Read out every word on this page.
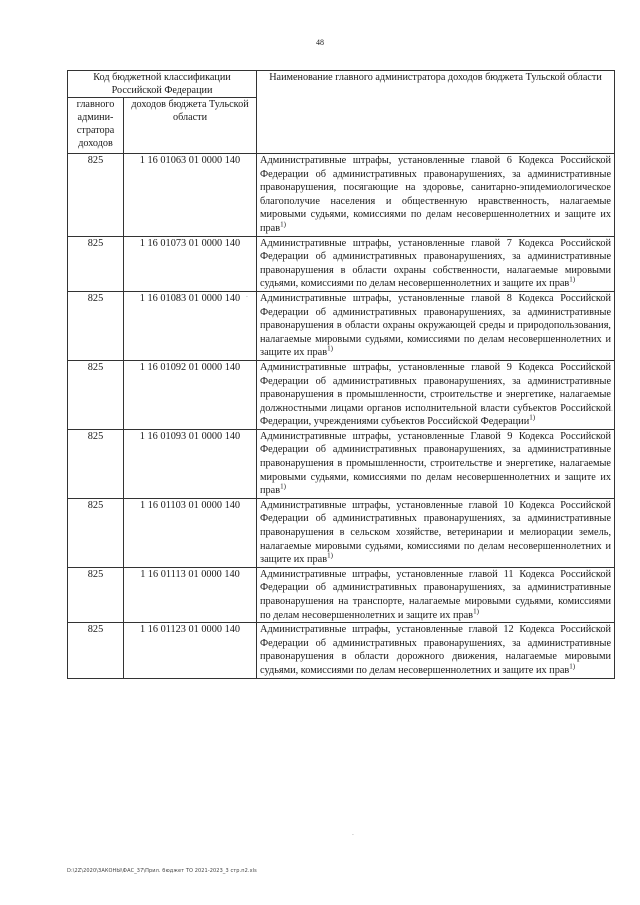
48
Код бюджетной классификации Российской Федерации		Наименование главного администратора доходов бюджета Тульской области
главного админи-стратора доходов	доходов бюджета Тульской области	
825	1 16 01063 01 0000 140	Административные штрафы, установленные главой 6 Кодекса Российской Федерации об административных правонарушениях, за административные правонарушения, посягающие на здоровье, санитарно-эпидемиологическое благополучие населения и общественную нравственность, налагаемые мировыми судьями, комиссиями по делам несовершеннолетних и защите их прав$^{1)}$
825	1 16 01073 01 0000 140	Административные штрафы, установленные главой 7 Кодекса Российской Федерации об административных правонарушениях, за административные правонарушения в области охраны собственности, налагаемые мировыми судьями, комиссиями по делам несовершеннолетних и защите их прав$^{1)}$
825	1 16 01083 01 0000 140	Административные штрафы, установленные главой 8 Кодекса Российской Федерации об административных правонарушениях, за административные правонарушения в области охраны окружающей среды и природопользования, налагаемые мировыми судьями, комиссиями по делам несовершеннолетних и защите их прав$^{1)}$
825	1 16 01092 01 0000 140	Административные штрафы, установленные главой 9 Кодекса Российской Федерации об административных правонарушениях, за административные правонарушения в промышленности, строительстве и энергетике, налагаемые должностными лицами органов исполнительной власти субъектов Российской Федерации, учреждениями субъектов Российской Федерации$^{1)}$
825	1 16 01093 01 0000 140	Административные штрафы, установленные Главой 9 Кодекса Российской Федерации об административных правонарушениях, за административные правонарушения в промышленности, строительстве и энергетике, налагаемые мировыми судьями, комиссиями по делам несовершеннолетних и защите их прав$^{1)}$
825	1 16 01103 01 0000 140	Административные штрафы, установленные главой 10 Кодекса Российской Федерации об административных правонарушениях, за административные правонарушения в сельском хозяйстве, ветеринарии и мелиорации земель, налагаемые мировыми судьями, комиссиями по делам несовершеннолетних и защите их прав$^{1)}$
825	1 16 01113 01 0000 140	Административные штрафы, установленные главой 11 Кодекса Российской Федерации об административных правонарушениях, за административные правонарушения на транспорте, налагаемые мировыми судьями, комиссиями по делам несовершеннолетних и защите их прав$^{1)}$
825	1 16 01123 01 0000 140	Административные штрафы, установленные главой 12 Кодекса Российской Федерации об административных правонарушениях, за административные правонарушения в области дорожного движения, налагаемые мировыми судьями, комиссиями по делам несовершеннолетних и защите их прав$^{1)}$
D:\2Z\2020\ЗАКОНЫ\ФАС_37\Прил. бюджет ТО 2021-2023_3 стр.п2.xls
·
·
·
